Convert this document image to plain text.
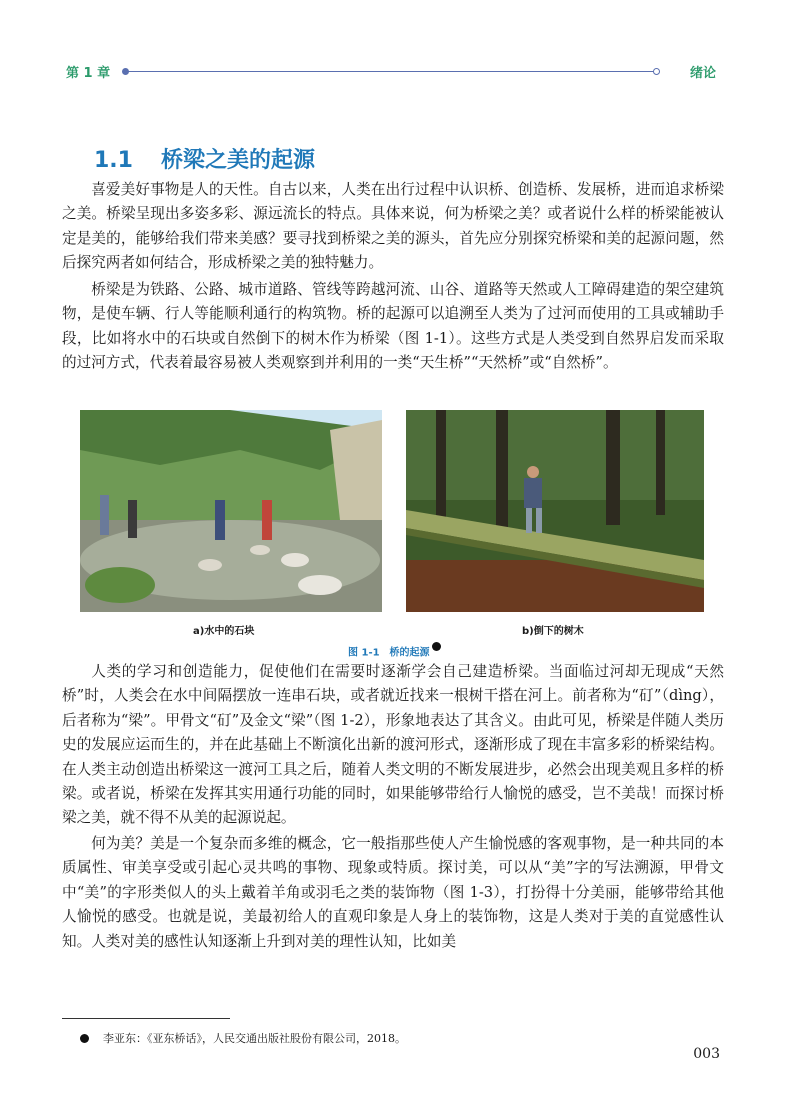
第 1 章	绪论
1.1 桥梁之美的起源

喜爱美好事物是人的天性。自古以来，人类在出行过程中认识桥、创造桥、发展桥，进而追求桥梁之美。桥梁呈现出多姿多彩、源远流长的特点。具体来说，何为桥梁之美？或者说什么样的桥梁能被认定是美的，能够给我们带来美感？要寻找到桥梁之美的源头，首先应分别探究桥梁和美的起源问题，然后探究两者如何结合，形成桥梁之美的独特魅力。

桥梁是为铁路、公路、城市道路、管线等跨越河流、山谷、道路等天然或人工障碍建造的架空建筑物，是使车辆、行人等能顺利通行的构筑物。桥的起源可以追溯至人类为了过河而使用的工具或辅助手段，比如将水中的石块或自然倒下的树木作为桥梁（图 1-1）。这些方式是人类受到自然界启发而采取的过河方式，代表着最容易被人类观察到并利用的一类“天生桥”“天然桥”或“自然桥”。

a)水中的石块	b)倒下的树木
图 1-1　桥的起源

人类的学习和创造能力，促使他们在需要时逐渐学会自己建造桥梁。当面临过河却无现成“天然桥”时，人类会在水中间隔摆放一连串石块，或者就近找来一根树干搭在河上。前者称为“矴”（dìng），后者称为“梁”。甲骨文“矴”及金文“梁”（图 1-2），形象地表达了其含义。由此可见，桥梁是伴随人类历史的发展应运而生的，并在此基础上不断演化出新的渡河形式，逐渐形成了现在丰富多彩的桥梁结构。在人类主动创造出桥梁这一渡河工具之后，随着人类文明的不断发展进步，必然会出现美观且多样的桥梁。或者说，桥梁在发挥其实用通行功能的同时，如果能够带给行人愉悦的感受，岂不美哉！而探讨桥梁之美，就不得不从美的起源说起。

何为美？美是一个复杂而多维的概念，它一般指那些使人产生愉悦感的客观事物，是一种共同的本质属性、审美享受或引起心灵共鸣的事物、现象或特质。探讨美，可以从“美”字的写法溯源，甲骨文中“美”的字形类似人的头上戴着羊角或羽毛之类的装饰物（图 1-3），打扮得十分美丽，能够带给其他人愉悦的感受。也就是说，美最初给人的直观印象是人身上的装饰物，这是人类对于美的直觉感性认知。人类对美的感性认知逐渐上升到对美的理性认知，比如美

李亚东：《亚东桥话》，人民交通出版社股份有限公司，2018。
003
